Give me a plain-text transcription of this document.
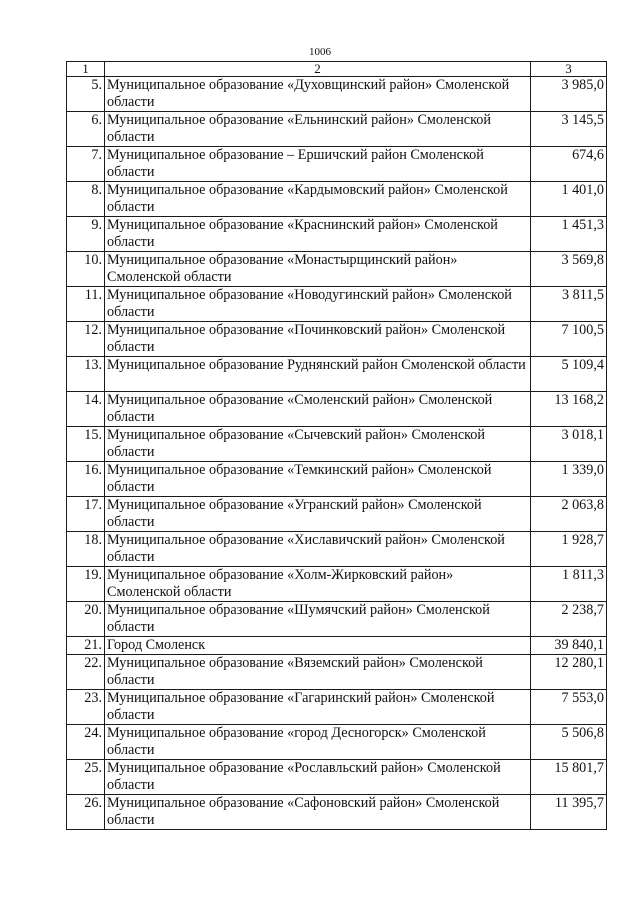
1006
1	2	3
5.	Муниципальное образование «Духовщинский район» Смоленской области	3 985,0
6.	Муниципальное образование «Ельнинский район» Смоленской области	3 145,5
7.	Муниципальное образование – Ершичский район Смоленской области	674,6
8.	Муниципальное образование «Кардымовский район» Смоленской области	1 401,0
9.	Муниципальное образование «Краснинский район» Смоленской области	1 451,3
10.	Муниципальное образование «Монастырщинский район» Смоленской области	3 569,8
11.	Муниципальное образование «Новодугинский район» Смоленской области	3 811,5
12.	Муниципальное образование «Починковский район» Смоленской области	7 100,5
13.	Муниципальное образование Руднянский район Смоленской области	5 109,4
14.	Муниципальное образование «Смоленский район» Смоленской области	13 168,2
15.	Муниципальное образование «Сычевский район» Смоленской области	3 018,1
16.	Муниципальное образование «Темкинский район» Смоленской области	1 339,0
17.	Муниципальное образование «Угранский район» Смоленской области	2 063,8
18.	Муниципальное образование «Хиславичский район» Смоленской области	1 928,7
19.	Муниципальное образование «Холм-Жирковский район» Смоленской области	1 811,3
20.	Муниципальное образование «Шумячский район» Смоленской области	2 238,7
21.	Город Смоленск	39 840,1
22.	Муниципальное образование «Вяземский район» Смоленской области	12 280,1
23.	Муниципальное образование «Гагаринский район» Смоленской области	7 553,0
24.	Муниципальное образование «город Десногорск» Смоленской области	5 506,8
25.	Муниципальное образование «Рославльский район» Смоленской области	15 801,7
26.	Муниципальное образование «Сафоновский район» Смоленской области	11 395,7
